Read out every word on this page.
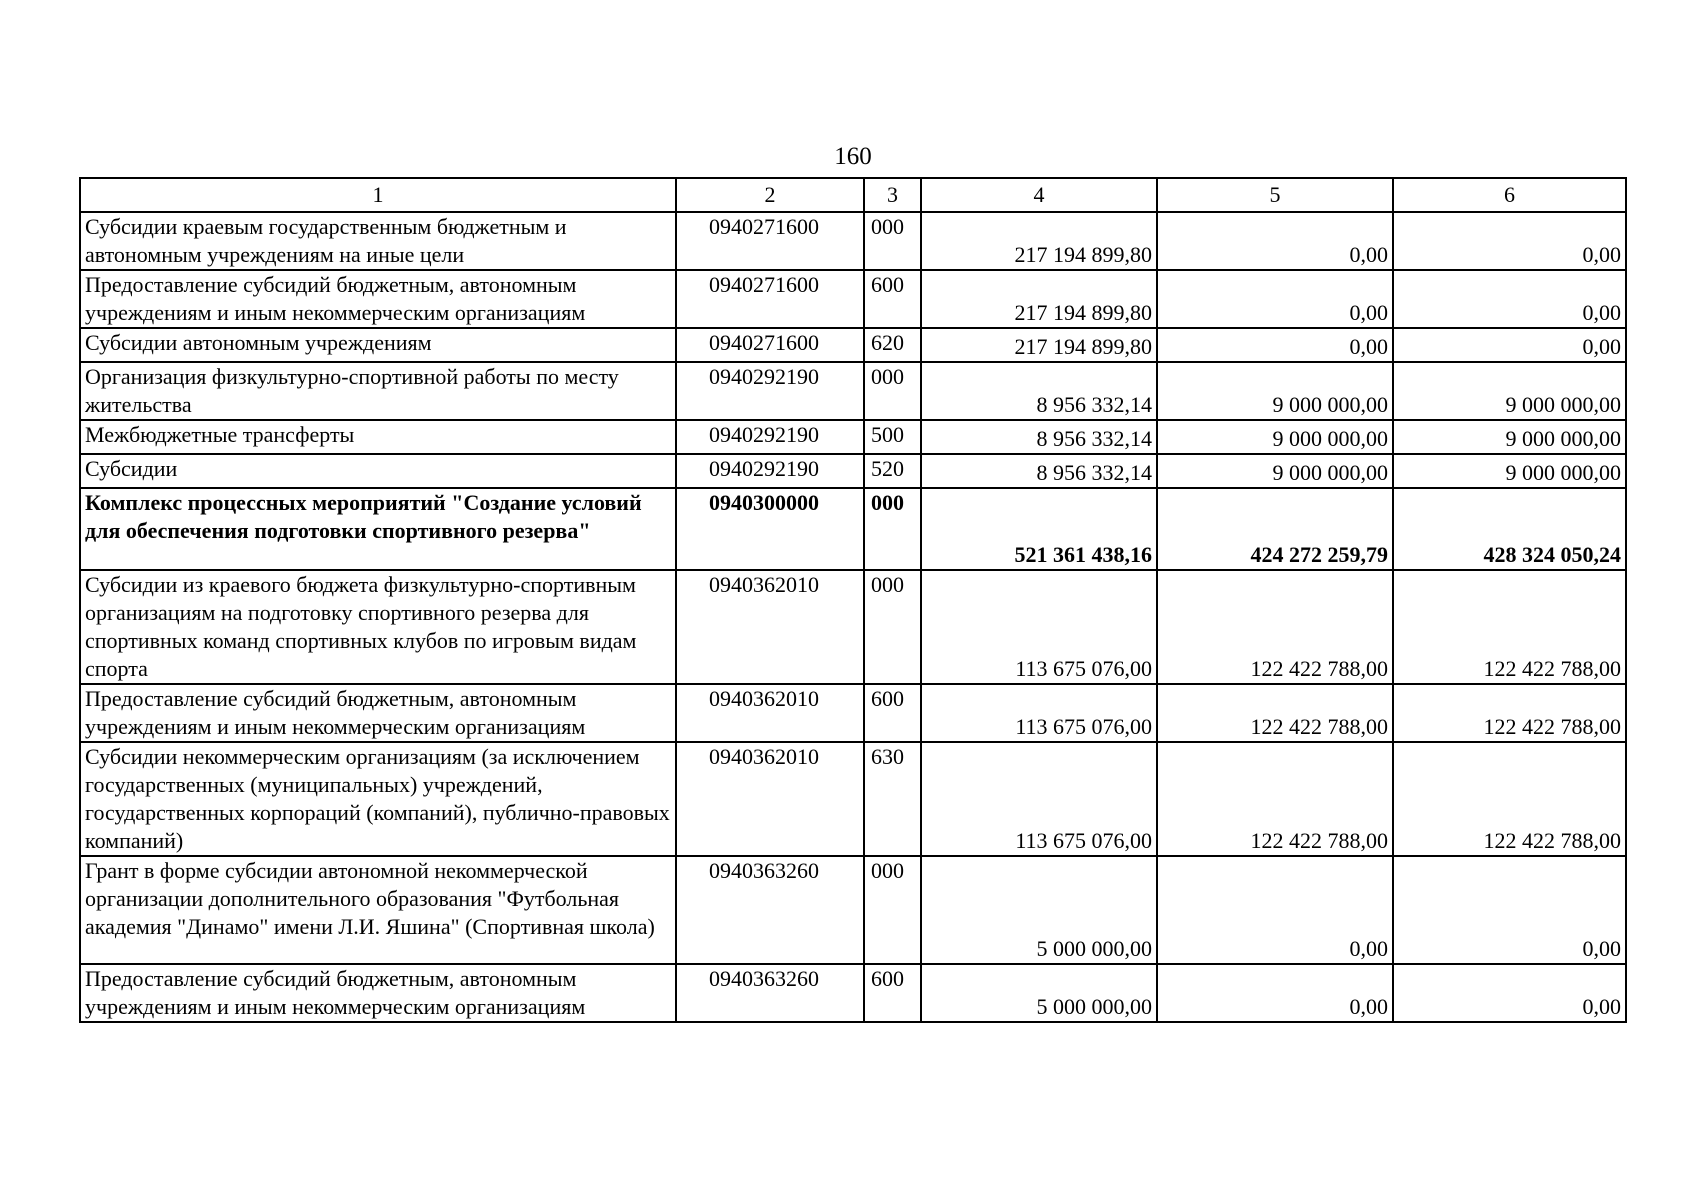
160
1	2	3	4	5	6
Субсидии краевым государственным бюджетным и автономным учреждениям на иные цели	0940271600	000	217 194 899,80	0,00	0,00
Предоставление субсидий бюджетным, автономным учреждениям и иным некоммерческим организациям	0940271600	600	217 194 899,80	0,00	0,00
Субсидии автономным учреждениям	0940271600	620	217 194 899,80	0,00	0,00
Организация физкультурно-спортивной работы по месту жительства	0940292190	000	8 956 332,14	9 000 000,00	9 000 000,00
Межбюджетные трансферты	0940292190	500	8 956 332,14	9 000 000,00	9 000 000,00
Субсидии	0940292190	520	8 956 332,14	9 000 000,00	9 000 000,00
Комплекс процессных мероприятий "Создание условий для обеспечения подготовки спортивного резерва"	0940300000	000	521 361 438,16	424 272 259,79	428 324 050,24
Субсидии из краевого бюджета физкультурно-спортивным организациям на подготовку спортивного резерва для спортивных команд спортивных клубов по игровым видам спорта	0940362010	000	113 675 076,00	122 422 788,00	122 422 788,00
Предоставление субсидий бюджетным, автономным учреждениям и иным некоммерческим организациям	0940362010	600	113 675 076,00	122 422 788,00	122 422 788,00
Субсидии некоммерческим организациям (за исключением государственных (муниципальных) учреждений, государственных корпораций (компаний), публично-правовых компаний)	0940362010	630	113 675 076,00	122 422 788,00	122 422 788,00
Грант в форме субсидии автономной некоммерческой организации дополнительного образования "Футбольная академия "Динамо" имени Л.И. Яшина" (Спортивная школа)	0940363260	000	5 000 000,00	0,00	0,00
Предоставление субсидий бюджетным, автономным учреждениям и иным некоммерческим организациям	0940363260	600	5 000 000,00	0,00	0,00
